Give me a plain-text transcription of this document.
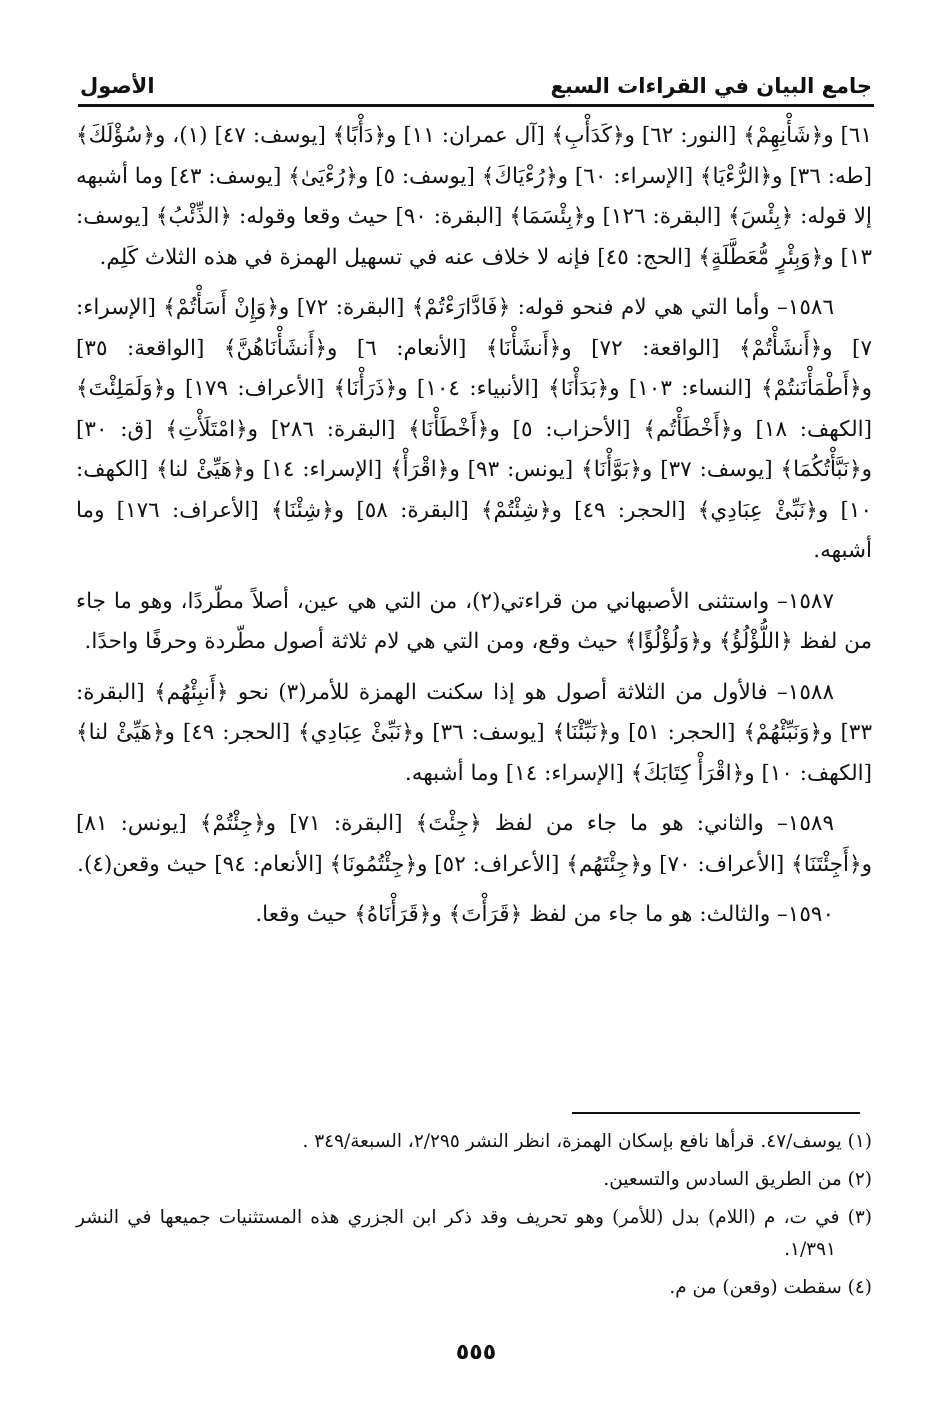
جامع البيان في القراءات السبع
الأصول

٦١] و﴿شَأْنِهِمْ﴾ [النور: ٦٢] و﴿كَدَأْبِ﴾ [آل عمران: ١١] و﴿دَأْبًا﴾ [يوسف: ٤٧] (١)، و﴿سُؤْلَكَ﴾ [طه: ٣٦] و﴿الرُّءْيَا﴾ [الإسراء: ٦٠] و﴿رُءْيَاكَ﴾ [يوسف: ٥] و﴿رُءْيَىٰ﴾ [يوسف: ٤٣] وما أشبهه إلا قوله: ﴿بِئْسَ﴾ [البقرة: ١٢٦] و﴿بِئْسَمَا﴾ [البقرة: ٩٠] حيث وقعا وقوله: ﴿الذِّئْبُ﴾ [يوسف: ١٣] و﴿وَبِئْرٍ مُّعَطَّلَةٍ﴾ [الحج: ٤٥] فإنه لا خلاف عنه في تسهيل الهمزة في هذه الثلاث كَلِم.

١٥٨٦– وأما التي هي لام فنحو قوله: ﴿فَادَّارَءْتُمْ﴾ [البقرة: ٧٢] و﴿وَإِنْ أَسَأْتُمْ﴾ [الإسراء: ٧] و﴿أَنشَأْتُمْ﴾ [الواقعة: ٧٢] و﴿أَنشَأْنَا﴾ [الأنعام: ٦] و﴿أَنشَأْنَاهُنَّ﴾ [الواقعة: ٣٥] و﴿أَطْمَأْنَنتُمْ﴾ [النساء: ١٠٣] و﴿بَدَأْنَا﴾ [الأنبياء: ١٠٤] و﴿ذَرَأْنَا﴾ [الأعراف: ١٧٩] و﴿وَلَمَلِئْتَ﴾ [الكهف: ١٨] و﴿أَخْطَأْتُم﴾ [الأحزاب: ٥] و﴿أَخْطَأْنَا﴾ [البقرة: ٢٨٦] و﴿امْتَلَأْتِ﴾ [ق: ٣٠] و﴿نَبَّأْتُكُمَا﴾ [يوسف: ٣٧] و﴿بَوَّأْنَا﴾ [يونس: ٩٣] و﴿اقْرَأْ﴾ [الإسراء: ١٤] و﴿هَيِّئْ لنا﴾ [الكهف: ١٠] و﴿نَبِّئْ عِبَادِي﴾ [الحجر: ٤٩] و﴿شِئْتُمْ﴾ [البقرة: ٥٨] و﴿شِئْنَا﴾ [الأعراف: ١٧٦] وما أشبهه.

١٥٨٧– واستثنى الأصبهاني من قراءتي(٢)، من التي هي عين، أصلاً مطّردًا، وهو ما جاء من لفظ ﴿اللُّؤْلُؤُ﴾ و﴿وَلُؤْلُؤًا﴾ حيث وقع، ومن التي هي لام ثلاثة أصول مطّردة وحرفًا واحدًا.

١٥٨٨– فالأول من الثلاثة أصول هو إذا سكنت الهمزة للأمر(٣) نحو ﴿أَنبِئْهُم﴾ [البقرة: ٣٣] و﴿وَنَبِّئْهُمْ﴾ [الحجر: ٥١] و﴿نَبِّئْنَا﴾ [يوسف: ٣٦] و﴿نَبِّئْ عِبَادِي﴾ [الحجر: ٤٩] و﴿هَيِّئْ لنا﴾ [الكهف: ١٠] و﴿اقْرَأْ كِتَابَكَ﴾ [الإسراء: ١٤] وما أشبهه.

١٥٨٩– والثاني: هو ما جاء من لفظ ﴿جِئْتَ﴾ [البقرة: ٧١] و﴿جِئْتُمْ﴾ [يونس: ٨١] و﴿أَجِئْتَنَا﴾ [الأعراف: ٧٠] و﴿جِئْتَهُم﴾ [الأعراف: ٥٢] و﴿جِئْتُمُونَا﴾ [الأنعام: ٩٤] حيث وقعن(٤).

١٥٩٠– والثالث: هو ما جاء من لفظ ﴿قَرَأْتَ﴾ و﴿قَرَأْنَاهُ﴾ حيث وقعا.

(١) يوسف/٤٧. قرأها نافع بإسكان الهمزة، انظر النشر ٢/٢٩٥، السبعة/٣٤٩ .

(٢) من الطريق السادس والتسعين.

(٣) في ت، م (اللام) بدل (للأمر) وهو تحريف وقد ذكر ابن الجزري هذه المستثنيات جميعها في النشر ١/٣٩١.

(٤) سقطت (وقعن) من م.

٥٥٥
